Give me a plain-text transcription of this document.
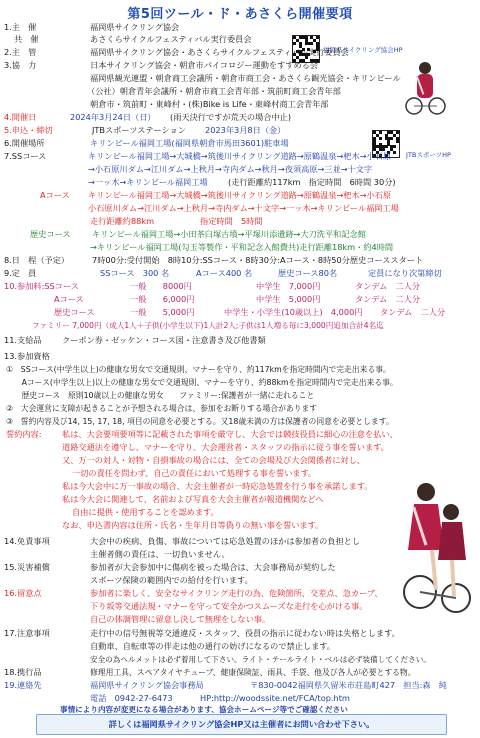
第5回ツール・ド・あさくら開催要項
福岡県サイクリング協会HP
JTBスポーツHP
1.主　催	福岡県サイクリング協会
共　催	あさくらサイクルフェスティバル実行委員会
2.主　管	福岡県サイクリング協会・あさくらサイクルフェスティバル実行委員会
3.協　力	日本サイクリング協会・朝倉市パイコロジー運動をすすめる会
福岡県観光連盟・朝倉商工会議所・朝倉市商工会・あさくら観光協会・キリンビール
（公社）朝倉青年会議所・朝倉市商工会青年部・筑前町商工会青年部
朝倉市・筑前町・東峰村・(株)Bike is Life・東峰村商工会青年部
4.開催日	2024年3月24日（日） (雨天決行ですが荒天の場合中止)
5.申込・締切	JTBスポーツステーション 2023年3月8日（金）
6.開催場所	キリンビール福岡工場(福岡県朝倉市馬田3601)駐車場
7.SSコース	キリンビール福岡工場→大城橋→筑後川サイクリング道路→原鶴温泉→杷木→小石原
→小石原川ダム→江川ダム→上秋月→寺内ダム→秋月→夜須高原→三並→十文字
→一ッ木→キリンビール福岡工場 (走行距離約117km　指定時間　6時間 30分)
Aコース キリンビール福岡工場→大城橋→筑後川サイクリング道路→原鶴温泉→杷木→小石原
小石原川ダム→江川ダム→上秋月→寺内ダム→十文字→一ッ木→キリンビール福岡工場
走行距離約88km	指定時間　5時間
歴史コース	キリンビール福岡工場→小田茶臼塚古墳→平塚川添遺跡→大刀洗平和記念館
→キリンビール福岡工場(勾玉等製作・平和記念入館費共)走行距離18km・約4時間
8.日　程（予定）	7時00分:受付開始　8時10分:SSコース・8時30分:Aコース・8時50分歴史コーススタート
9.定　員	SSコース　300 名	Aコース400 名	歴史コース80名	定員になり次第締切
10.参加料:SSコース	一般　　8000円	中学生　7,000円	タンデム　二人分
Aコース	一般　　6,000円	中学生　5,000円	タンデム　二人分
歴史コース	一般　　5,000円	中学生・小学生(10歳以上)　4,000円 タンデム　二人分
ファミリー 7,000円（成人1人＋子供(小学生以下)1人計2人;子供は1人増る毎に3,000円追加合計4名迄
11.支給品 クーポン券・ゼッケン・コース図・注意書き及び他書類
13.参加資格
①　SSコース(中学生以上)の健康な男女で交通規則、マナーを守り、約117kmを指定時間内で完走出来る事。
　　Aコース(中学生以上)以上の健康な男女で交通規則、マナーを守り、約88kmを指定時間内で完走出来る事。
　　歴史コース　原則10歳以上の健康な男女　　ファミリー:保護者が一緒に走れること
②　大会運営に支障が起きることが予想される場合は、参加をお断りする場合があります
③　誓約内容及び14, 15, 17, 18, 項目の同意を必要とする。又18歳未満の方は保護者の同意を必要とします。
誓約内容: 私は、大会要項要項等に記載された事項を厳守し、大会では競技役員に細心の注意を払い、
道路交通法を遵守し、マナーを守り、大会運営者・スタッフの指示に従う事を誓います。
又、万一の対人・対物・自損事故の場合には、全ての会場及び大会関係者に対し、
一切の責任を問わず、自己の責任において処理する事を誓います。
私は今大会中に万一事故の場合、大会主催者が一時応急処置を行う事を承諾します。
私は今大会に関連して、名前および写真を大会主催者が報道機関などへ
自由に提供・使用することを認めます。
なお、申込書内容は住所・氏名・生年月日等偽りの無い事を誓います。
14.免責事項	大会中の疾病、負傷、事故については応急処置のほかは参加者の負担とし
主催者側の責任は、一切負いません。
15.災害補償	参加者が大会参加中に傷病を被った場合は、大会事務局が契約した
スポーツ保険の範囲内での給付を行います。
16.留意点	参加者に楽しく、安全なサイクリング走行の為、危険箇所、交差点、急カーブ、
下り坂等交通法規・マナーを守って安全かつスムーズな走行を心がける事。
自己の体調管理に留意し決して無理をしない事。
17.注意事項	走行中の信号無視等交通違反・スタッフ、役員の指示に従わない時は失格とします。
自動車、自転車等の伴走は他の通行の妨げになるので禁止します。
安全の為ヘルメットは必ず着用して下さい。ライト・テールライト・ベルは必ず装備してください。
18.携行品	修理用工具、スペアタイヤチューブ、健康保険証、雨具、手袋、他及び各人が必要とする物。
19.連絡先	福岡県サイクリング協会事務局	〒830-0042福岡県久留米市荘島町427　担当:森　純
電話　0942-27-6473	HP:http://woodssite.net/FCA/top.htm
事情により内容が変更になる場合があります、協会ホームページ等でご確認ください
詳しくは福岡県サイクリング協会HP又は主催者にお問い合わせ下さい。
